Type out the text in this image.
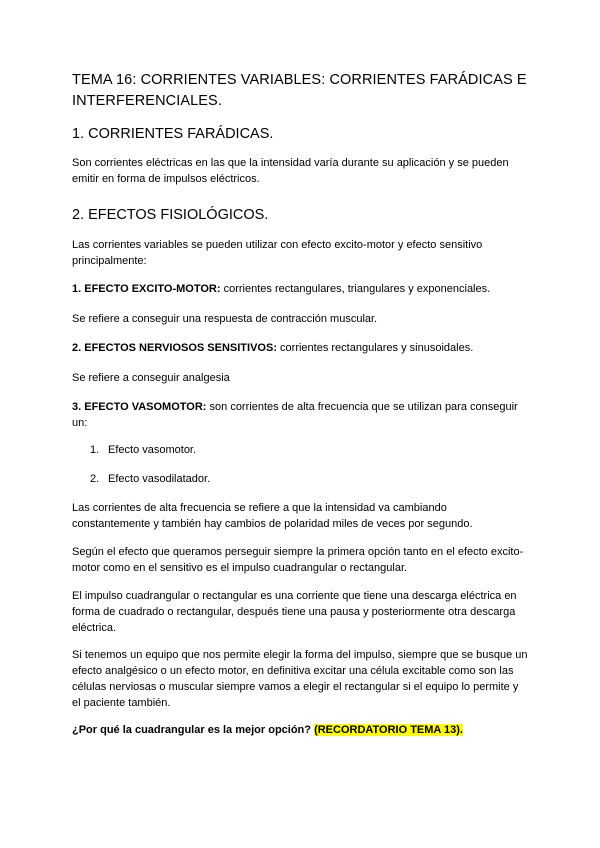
TEMA 16: CORRIENTES VARIABLES: CORRIENTES FARÁDICAS E INTERFERENCIALES.
1. CORRIENTES FARÁDICAS.

Son corrientes eléctricas en las que la intensidad varía durante su aplicación y se pueden emitir en forma de impulsos eléctricos.

2. EFECTOS FISIOLÓGICOS.

Las corrientes variables se pueden utilizar con efecto excito-motor y efecto sensitivo principalmente:

1. EFECTO EXCITO-MOTOR: corrientes rectangulares, triangulares y exponenciales.

Se refiere a conseguir una respuesta de contracción muscular.

2. EFECTOS NERVIOSOS SENSITIVOS: corrientes rectangulares y sinusoidales.

Se refiere a conseguir analgesia

3. EFECTO VASOMOTOR: son corrientes de alta frecuencia que se utilizan para conseguir un:

1. Efecto vasomotor.

2. Efecto vasodilatador.

Las corrientes de alta frecuencia se refiere a que la intensidad va cambiando constantemente y también hay cambios de polaridad miles de veces por segundo.

Según el efecto que queramos perseguir siempre la primera opción tanto en el efecto excito-motor como en el sensitivo es el impulso cuadrangular o rectangular.

El impulso cuadrangular o rectangular es una corriente que tiene una descarga eléctrica en forma de cuadrado o rectangular, después tiene una pausa y posteriormente otra descarga eléctrica.

Si tenemos un equipo que nos permite elegir la forma del impulso, siempre que se busque un efecto analgésico o un efecto motor, en definitiva excitar una célula excitable como son las células nerviosas o muscular siempre vamos a elegir el rectangular si el equipo lo permite y el paciente también.

¿Por qué la cuadrangular es la mejor opción? (RECORDATORIO TEMA 13).
